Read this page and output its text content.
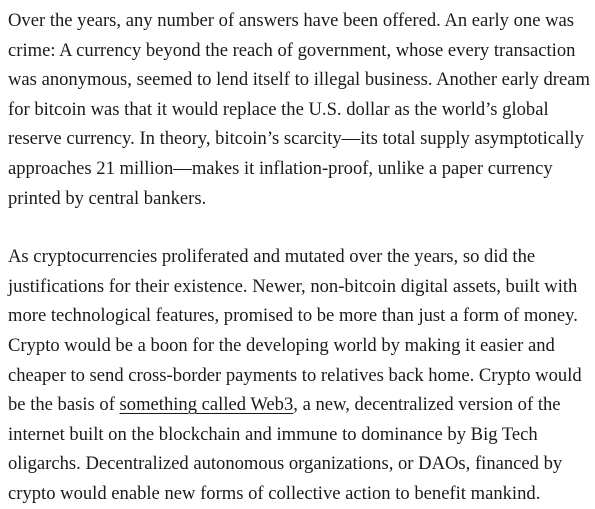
Over the years, any number of answers have been offered. An early one was
crime: A currency beyond the reach of government, whose every transaction
was anonymous, seemed to lend itself to illegal business. Another early dream
for bitcoin was that it would replace the U.S. dollar as the world’s global
reserve currency. In theory, bitcoin’s scarcity—its total supply asymptotically
approaches 21 million—makes it inflation-proof, unlike a paper currency
printed by central bankers.

As cryptocurrencies proliferated and mutated over the years, so did the
justifications for their existence. Newer, non-bitcoin digital assets, built with
more technological features, promised to be more than just a form of money.
Crypto would be a boon for the developing world by making it easier and
cheaper to send cross-border payments to relatives back home. Crypto would
be the basis of something called Web3, a new, decentralized version of the
internet built on the blockchain and immune to dominance by Big Tech
oligarchs. Decentralized autonomous organizations, or DAOs, financed by
crypto would enable new forms of collective action to benefit mankind.
